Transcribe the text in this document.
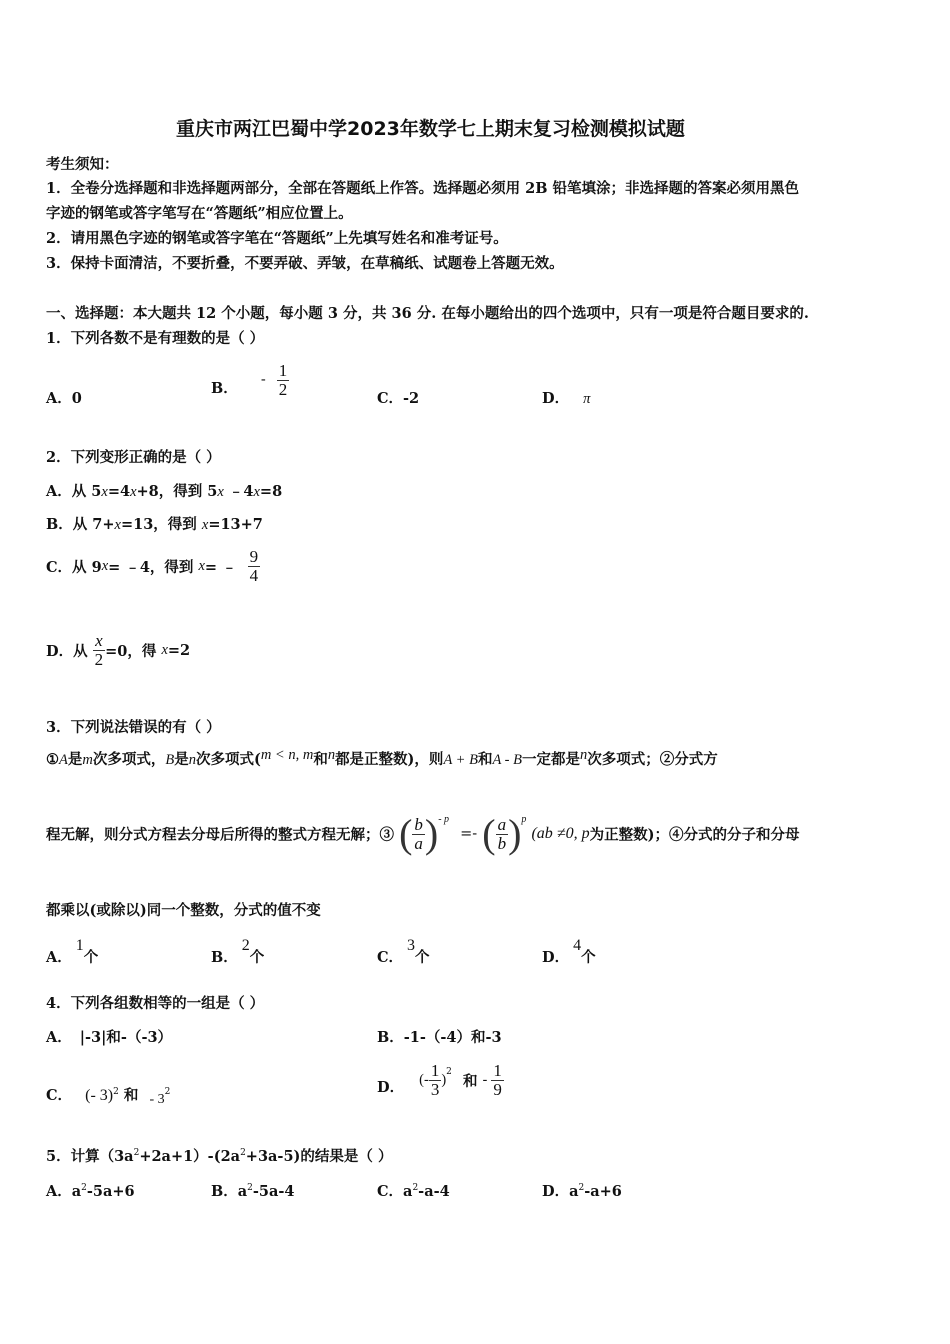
重庆市两江巴蜀中学2023年数学七上期末复习检测模拟试题
考生须知：
1．全卷分选择题和非选择题两部分，全部在答题纸上作答。选择题必须用 2B 铅笔填涂；非选择题的答案必须用黑色
字迹的钢笔或答字笔写在“答题纸”相应位置上。
2．请用黑色字迹的钢笔或答字笔在“答题纸”上先填写姓名和准考证号。
3．保持卡面清洁，不要折叠，不要弄破、弄皱，在草稿纸、试题卷上答题无效。
一、选择题：本大题共 12 个小题，每小题 3 分，共 36 分. 在每小题给出的四个选项中，只有一项是符合题目要求的.
1．下列各数不是有理数的是（ ）
A．0
B． - $\frac{1}{2}$	C．-2	D． π
2．下列变形正确的是（ ）
A．从 5x=4x+8，得到 5x ﹣4x=8
B．从 7+x=13，得到 x=13+7
C．从 9x= ﹣4，得到 x= ﹣ $\frac{9}{4}$
D．从 $\frac{x}{2} =0$，得 x=2
3．下列说法错误的有（ ）
①A是m次多项式，B是n次多项式(m < n, m和n都是正整数)，则A + B和A - B一定都是n次多项式；②分式方
程无解，则分式方程去分母后所得的整式方程无解；③ ( $\frac{b}{a} )^{- p}$ =- ( $\frac{a}{b} )^p$ (ab ≠0, p为正整数)；④分式的分子和分母
都乘以(或除以)同一个整数，分式的值不变
A．1个	B．2个	C．3个	D．4个
4．下列各组数相等的一组是（ ）
A． |-3|和-（-3）	B．-1-（-4）和-3
C． (- 3)$^2$ 和 - $3^2$	D． (- $\frac{1}{3} )^2$ 和 - $\frac{1}{9}$
5．计算$(3a^2+2a+1)-(2a^2+3a-5)$的结果是（ ）
A．$a^2-5a+6$	B．$a^2-5a-4$	C．$a^2-a-4$	D．$a^2-a+6$
